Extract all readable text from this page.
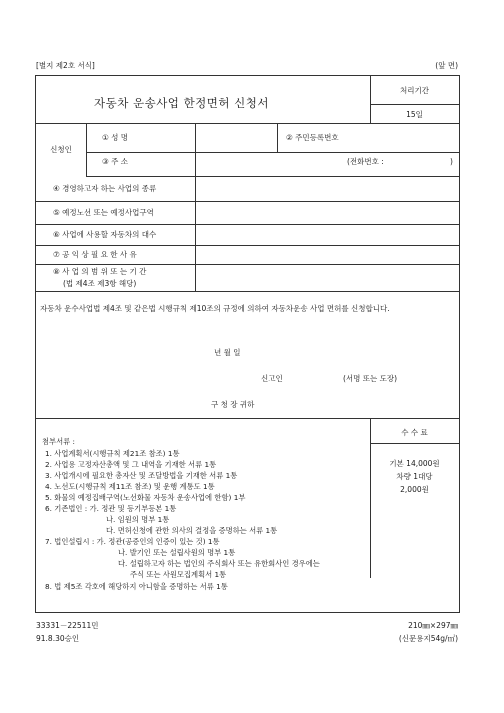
[별지 제2호 서식]	(앞 면)
자동차 운송사업 한정면허 신청서
처리기간
15일
신청인
① 성 명	② 주민등록번호
③ 주 소	(전화번호 :	)
④ 경영하고자 하는 사업의 종류
⑤ 예정노선 또는 예정사업구역
⑥ 사업에 사용할 자동차의 대수
⑦ 공 익 상 필 요 한 사 유
⑧ 사 업 의 범 위 또 는 기 간
(법 제4조 제3항 해당)
자동차 운수사업법 제4조 및 같은법 시행규칙 제10조의 규정에 의하여 자동차운송 사업 면허를 신청합니다.
년 월 일
신고인	(서명 또는 도장)
구 청 장 귀하
수 수 료
기본 14,000원
차량 1대당
2,000원
첨부서류 :
1. 사업계획서(시행규칙 제21조 참조) 1통
2. 사업용 고정자산총액 및 그 내역을 기재한 서류 1통
3. 사업개시에 필요한 총자산 및 조달방법을 기재한 서류 1통
4. 노선도(시행규칙 제11조 참조) 및 운행 계통도 1통
5. 화물의 예정집배구역(노선화물 자동차 운송사업에 한함) 1부
6. 기존법인 : 가. 정관 및 등기부등본 1통
나. 임원의 명부 1통
다. 면허신청에 관한 의사의 결정을 증명하는 서류 1통
7. 법인설립시 : 가. 정관(공증인의 인증이 있는 것) 1통
나. 발기인 또는 설립사원의 명부 1통
다. 설립하고자 하는 법인의 주식회사 또는 유한회사인 경우에는
주식 또는 사원모집계획서 1통
8. 법 제5조 각호에 해당하지 아니함을 증명하는 서류 1통
33331－22511민
91.8.30승인
210㎜×297㎜
(신문용지54g/㎡)
